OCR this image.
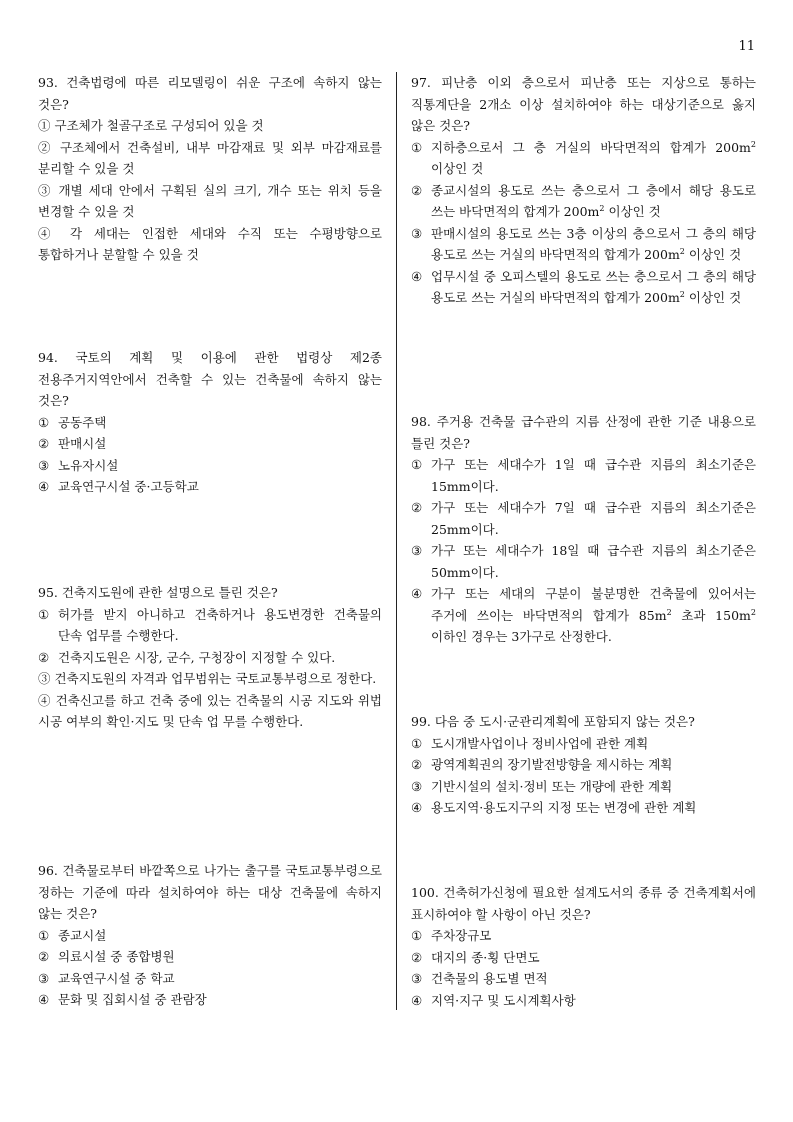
11
93. 건축법령에 따른 리모델링이 쉬운 구조에 속하지 않는 것은?
① 구조체가 철골구조로 구성되어 있을 것
② 구조체에서 건축설비, 내부 마감재료 및 외부 마감재료를 분리할 수 있을 것
③ 개별 세대 안에서 구획된 실의 크기, 개수 또는 위치 등을 변경할 수 있을 것
④ 각 세대는 인접한 세대와 수직 또는 수평방향으로 통합하거나 분할할 수 있을 것
94. 국토의 계획 및 이용에 관한 법령상 제2종 전용주거지역안에서 건축할 수 있는 건축물에 속하지 않는 것은?
① 공동주택
② 판매시설
③ 노유자시설
④ 교육연구시설 중·고등학교
95. 건축지도원에 관한 설명으로 틀린 것은?
① 허가를 받지 아니하고 건축하거나 용도변경한 건축물의 단속 업무를 수행한다.
② 건축지도원은 시장, 군수, 구청장이 지정할 수 있다.
③ 건축지도원의 자격과 업무범위는 국토교통부령으로 정한다.
④ 건축신고를 하고 건축 중에 있는 건축물의 시공 지도와 위법 시공 여부의 확인·지도 및 단속 업 무를 수행한다.
96. 건축물로부터 바깥쪽으로 나가는 출구를 국토교통부령으로 정하는 기준에 따라 설치하여야 하는 대상 건축물에 속하지 않는 것은?
① 종교시설
② 의료시설 중 종합병원
③ 교육연구시설 중 학교
④ 문화 및 집회시설 중 관람장
97. 피난층 이외 층으로서 피난층 또는 지상으로 통하는 직통계단을 2개소 이상 설치하여야 하는 대상기준으로 옳지 않은 것은?
① 지하층으로서 그 층 거실의 바닥면적의 합계가 $200m^2$ 이상인 것
② 종교시설의 용도로 쓰는 층으로서 그 층에서 해당 용도로 쓰는 바닥면적의 합계가 $200m^2$ 이상인 것
③ 판매시설의 용도로 쓰는 3층 이상의 층으로서 그 층의 해당 용도로 쓰는 거실의 바닥면적의 합계가 $200m^2$ 이상인 것
④ 업무시설 중 오피스텔의 용도로 쓰는 층으로서 그 층의 해당 용도로 쓰는 거실의 바닥면적의 합계가 $200m^2$ 이상인 것
98. 주거용 건축물 급수관의 지름 산정에 관한 기준 내용으로 틀린 것은?
① 가구 또는 세대수가 1일 때 급수관 지름의 최소기준은 15mm이다.
② 가구 또는 세대수가 7일 때 급수관 지름의 최소기준은 25mm이다.
③ 가구 또는 세대수가 18일 때 급수관 지름의 최소기준은 50mm이다.
④ 가구 또는 세대의 구분이 불분명한 건축물에 있어서는 주거에 쓰이는 바닥면적의 합계가 $85m^2$ 초과 $150m^2$ 이하인 경우는 3가구로 산정한다.
99. 다음 중 도시·군관리계획에 포함되지 않는 것은?
① 도시개발사업이나 정비사업에 관한 계획
② 광역계획권의 장기발전방향을 제시하는 계획
③ 기반시설의 설치·정비 또는 개량에 관한 계획
④ 용도지역·용도지구의 지정 또는 변경에 관한 계획
100. 건축허가신청에 필요한 설계도서의 종류 중 건축계획서에 표시하여야 할 사항이 아닌 것은?
① 주차장규모
② 대지의 종·횡 단면도
③ 건축물의 용도별 면적
④ 지역·지구 및 도시계획사항
